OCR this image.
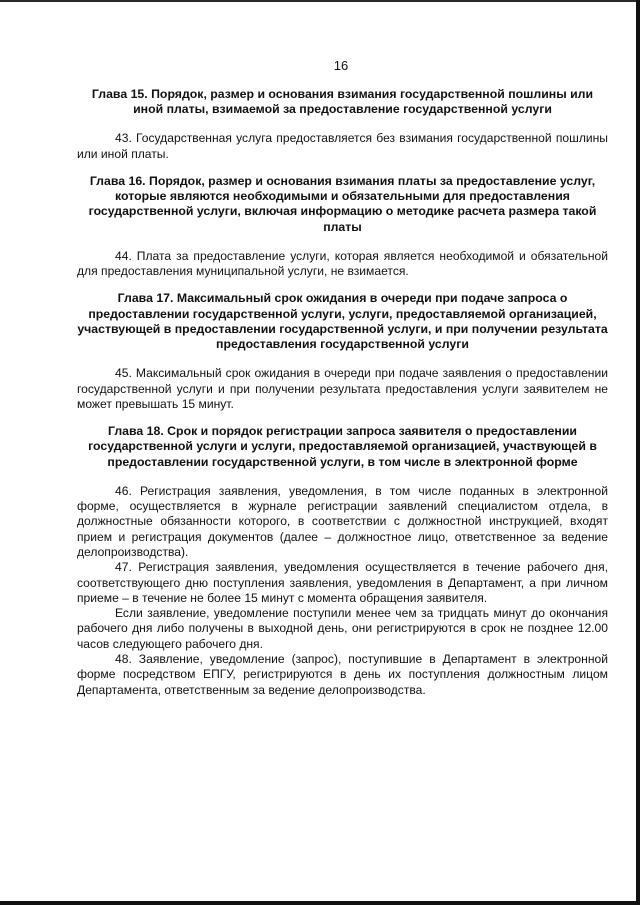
16

Глава 15. Порядок, размер и основания взимания государственной пошлины или иной платы, взимаемой за предоставление государственной услуги

43. Государственная услуга предоставляется без взимания государственной пошлины или иной платы.

Глава 16. Порядок, размер и основания взимания платы за предоставление услуг, которые являются необходимыми и обязательными для предоставления государственной услуги, включая информацию о методике расчета размера такой платы

44. Плата за предоставление услуги, которая является необходимой и обязательной для предоставления муниципальной услуги, не взимается.

Глава 17. Максимальный срок ожидания в очереди при подаче запроса о предоставлении государственной услуги, услуги, предоставляемой организацией, участвующей в предоставлении государственной услуги, и при получении результата предоставления государственной услуги

45. Максимальный срок ожидания в очереди при подаче заявления о предоставлении государственной услуги и при получении результата предоставления услуги заявителем не может превышать 15 минут.

Глава 18. Срок и порядок регистрации запроса заявителя о предоставлении государственной услуги и услуги, предоставляемой организацией, участвующей в предоставлении государственной услуги, в том числе в электронной форме

46. Регистрация заявления, уведомления, в том числе поданных в электронной форме, осуществляется в журнале регистрации заявлений специалистом отдела, в должностные обязанности которого, в соответствии с должностной инструкцией, входят прием и регистрация документов (далее – должностное лицо, ответственное за ведение делопроизводства).

47. Регистрация заявления, уведомления осуществляется в течение рабочего дня, соответствующего дню поступления заявления, уведомления в Департамент, а при личном приеме – в течение не более 15 минут с момента обращения заявителя.

Если заявление, уведомление поступили менее чем за тридцать минут до окончания рабочего дня либо получены в выходной день, они регистрируются в срок не позднее 12.00 часов следующего рабочего дня.

48. Заявление, уведомление (запрос), поступившие в Департамент в электронной форме посредством ЕПГУ, регистрируются в день их поступления должностным лицом Департамента, ответственным за ведение делопроизводства.
